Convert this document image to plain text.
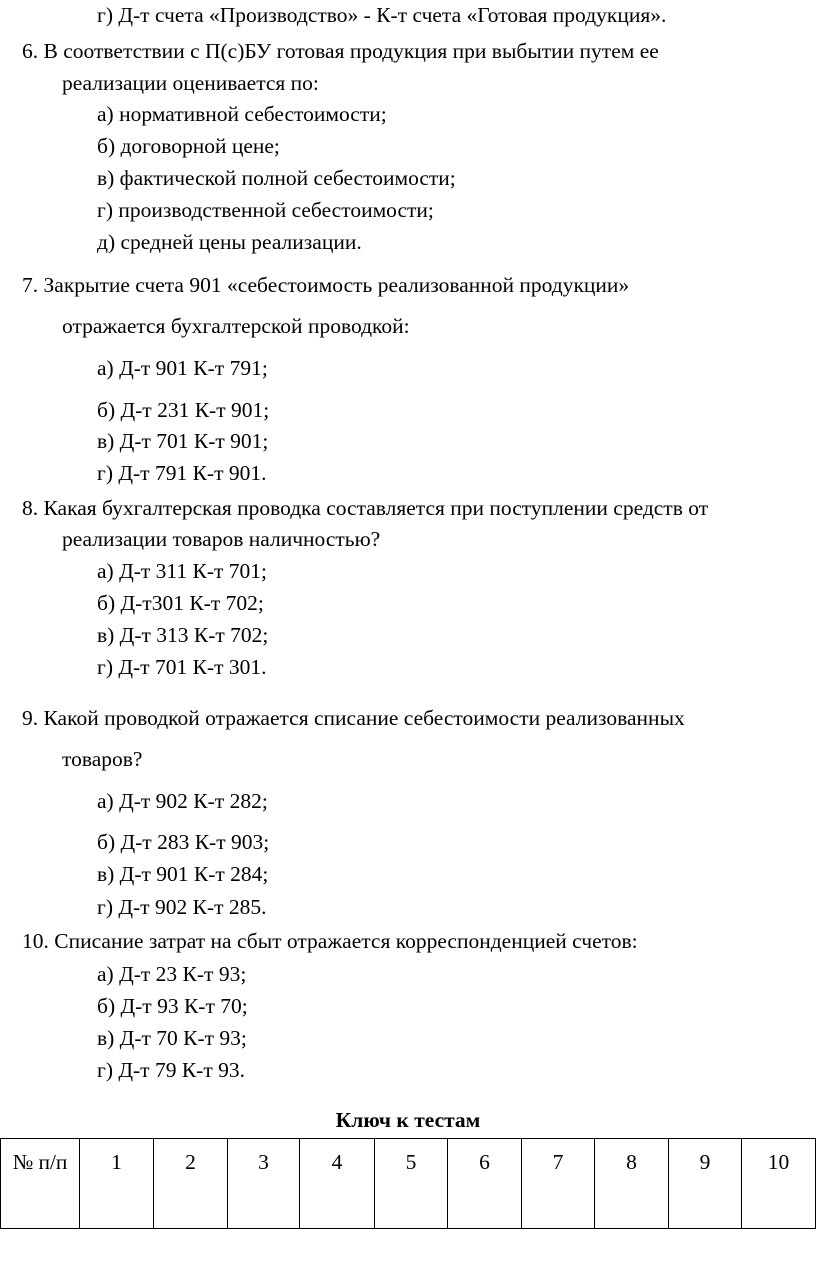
г) Д-т счета «Производство» - К-т счета «Готовая продукция».
6. В соответствии с П(с)БУ готовая продукция при выбытии путем ее
реализации оценивается по:
а) нормативной себестоимости;
б) договорной цене;
в) фактической полной себестоимости;
г) производственной себестоимости;
д) средней цены реализации.
7. Закрытие счета 901 «себестоимость реализованной продукции»
отражается бухгалтерской проводкой:
а) Д-т 901 К-т 791;
б) Д-т 231 К-т 901;
в) Д-т 701 К-т 901;
г) Д-т 791 К-т 901.
8. Какая бухгалтерская проводка составляется при поступлении средств от
реализации товаров наличностью?
а) Д-т 311 К-т 701;
б) Д-т301 К-т 702;
в) Д-т 313 К-т 702;
г) Д-т 701 К-т 301.
9. Какой проводкой отражается списание себестоимости реализованных
товаров?
а) Д-т 902 К-т 282;
б) Д-т 283 К-т 903;
в) Д-т 901 К-т 284;
г) Д-т 902 К-т 285.
10. Списание затрат на сбыт отражается корреспонденцией счетов:
а) Д-т 23 К-т 93;
б) Д-т 93 К-т 70;
в) Д-т 70 К-т 93;
г) Д-т 79 К-т 93.
Ключ к тестам
№ п/п	1	2	3	4	5	6	7	8	9	10
